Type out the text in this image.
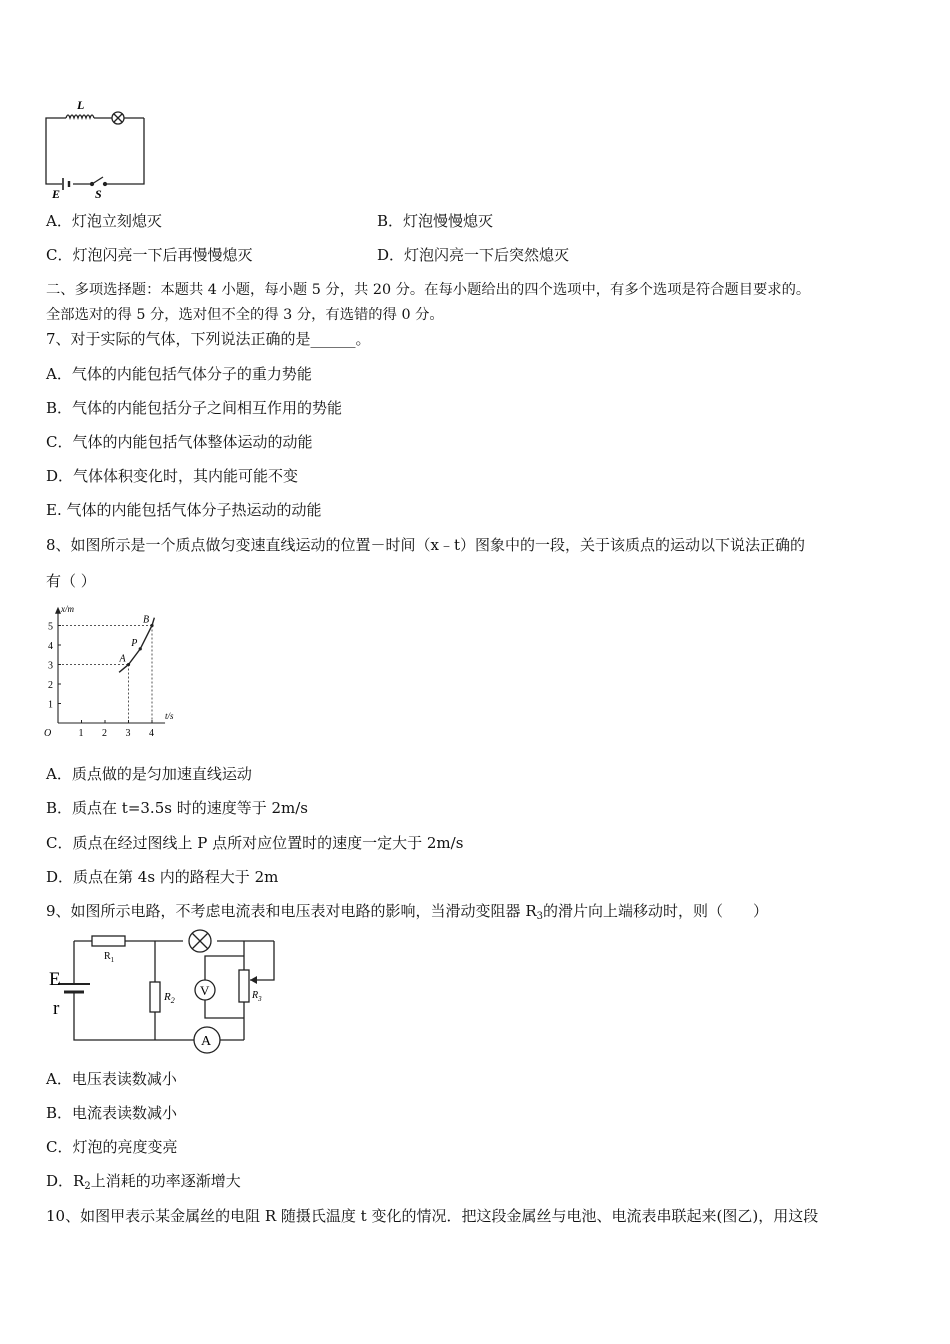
L
E	S
A．灯泡立刻熄灭	B．灯泡慢慢熄灭
C．灯泡闪亮一下后再慢慢熄灭	D．灯泡闪亮一下后突然熄灭
二、多项选择题：本题共 4 小题，每小题 5 分，共 20 分。在每小题给出的四个选项中，有多个选项是符合题目要求的。
全部选对的得 5 分，选对但不全的得 3 分，有选错的得 0 分。
7、对于实际的气体，下列说法正确的是______。
A．气体的内能包括气体分子的重力势能
B．气体的内能包括分子之间相互作用的势能
C．气体的内能包括气体整体运动的动能
D．气体体积变化时，其内能可能不变
E. 气体的内能包括气体分子热运动的动能
8、如图所示是一个质点做匀变速直线运动的位置－时间（x﹣t）图象中的一段，关于该质点的运动以下说法正确的
有（ ）
1 2 3 4
1
2
3
4
5
O
x/m
t/s
A
P
B
A．质点做的是匀加速直线运动
B．质点在 t=3.5s 时的速度等于 2m/s
C．质点在经过图线上 P 点所对应位置时的速度一定大于 2m/s
D．质点在第 4s 内的路程大于 2m
9、如图所示电路，不考虑电流表和电压表对电路的影响，当滑动变阻器 $R_3$的滑片向上端移动时，则（　　）
E
r
$R_1$
$R_2$	$R_3$
V
A
A．电压表读数减小
B．电流表读数减小
C．灯泡的亮度变亮
D．$R_2$上消耗的功率逐渐增大
10、如图甲表示某金属丝的电阻 R 随摄氏温度 t 变化的情况．把这段金属丝与电池、电流表串联起来(图乙)，用这段
